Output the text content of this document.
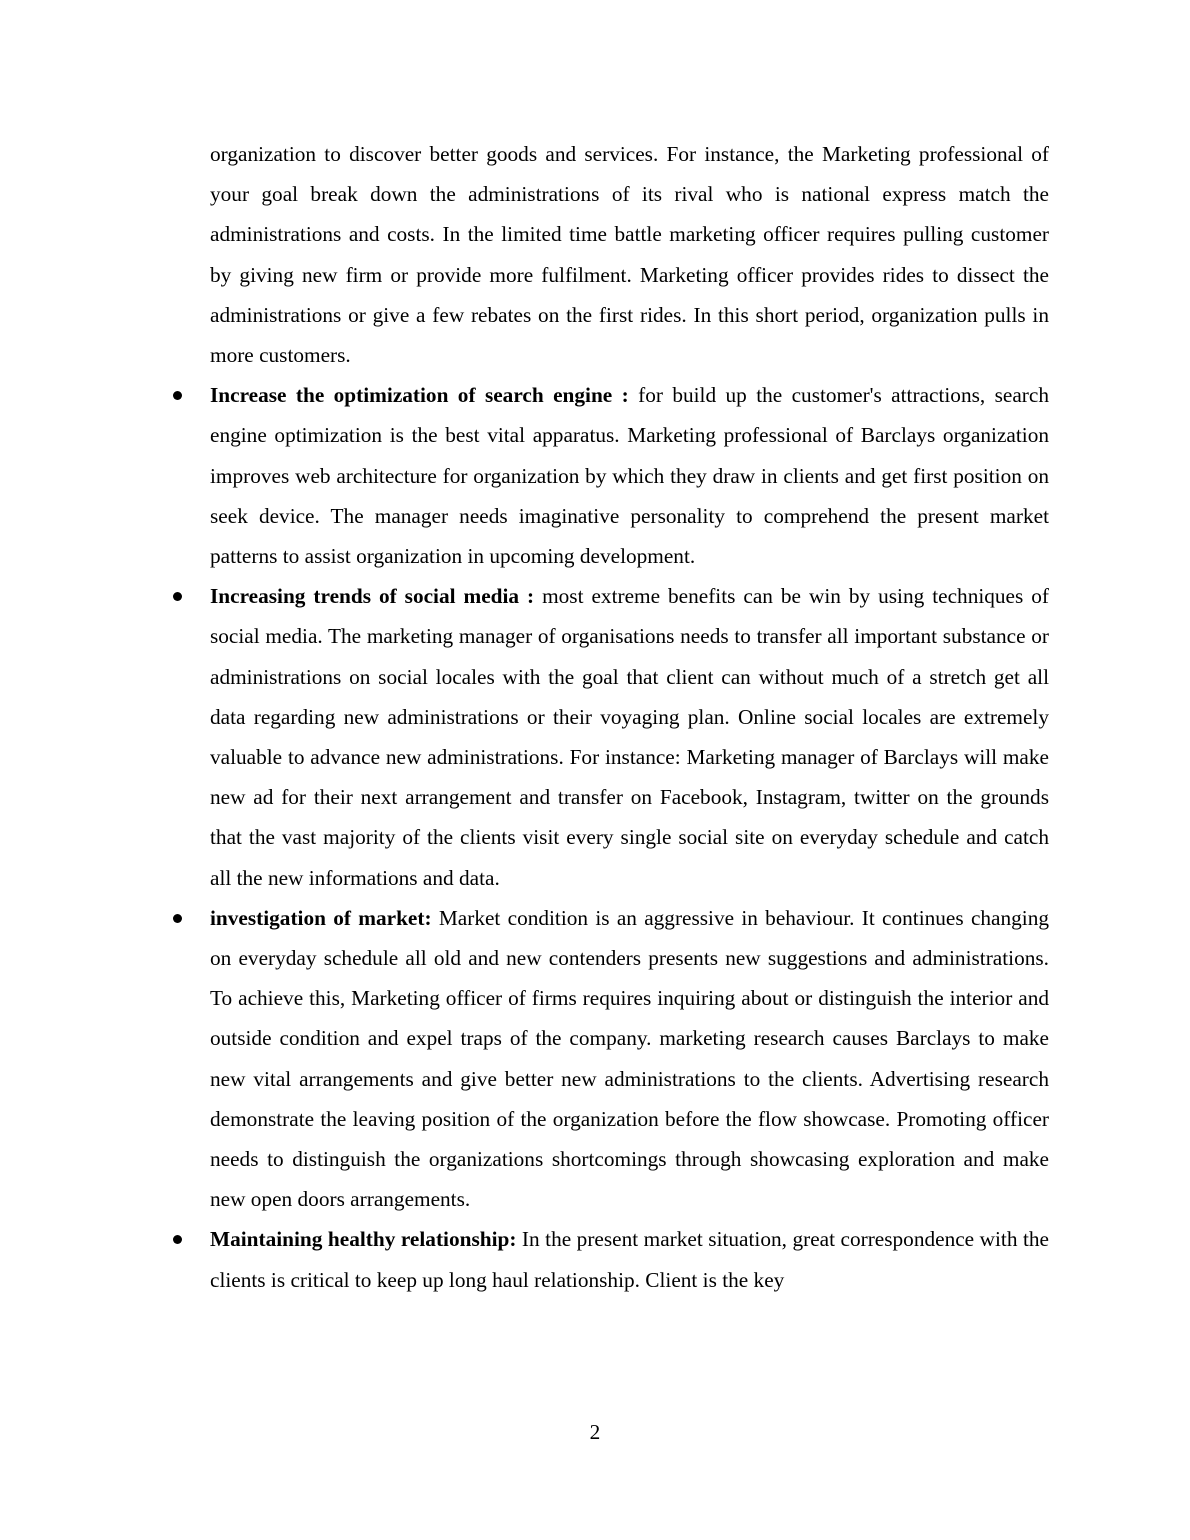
organization to discover better goods and services. For instance, the Marketing professional of your goal break down the administrations of its rival who is national express match the administrations and costs. In the limited time battle marketing officer requires pulling customer by giving new firm or provide more fulfilment. Marketing officer provides rides to dissect the administrations or give a few rebates on the first rides. In this short period, organization pulls in more customers.

Increase the optimization of search engine : for build up the customer's attractions, search engine optimization is the best vital apparatus. Marketing professional of Barclays organization improves web architecture for organization by which they draw in clients and get first position on seek device. The manager needs imaginative personality to comprehend the present market patterns to assist organization in upcoming development.
Increasing trends of social media : most extreme benefits can be win by using techniques of social media. The marketing manager of organisations needs to transfer all important substance or administrations on social locales with the goal that client can without much of a stretch get all data regarding new administrations or their voyaging plan. Online social locales are extremely valuable to advance new administrations. For instance: Marketing manager of Barclays will make new ad for their next arrangement and transfer on Facebook, Instagram, twitter on the grounds that the vast majority of the clients visit every single social site on everyday schedule and catch all the new informations and data.
investigation of market: Market condition is an aggressive in behaviour. It continues changing on everyday schedule all old and new contenders presents new suggestions and administrations. To achieve this, Marketing officer of firms requires inquiring about or distinguish the interior and outside condition and expel traps of the company. marketing research causes Barclays to make new vital arrangements and give better new administrations to the clients. Advertising research demonstrate the leaving position of the organization before the flow showcase. Promoting officer needs to distinguish the organizations shortcomings through showcasing exploration and make new open doors arrangements.
Maintaining healthy relationship: In the present market situation, great correspondence with the clients is critical to keep up long haul relationship. Client is the key
2
